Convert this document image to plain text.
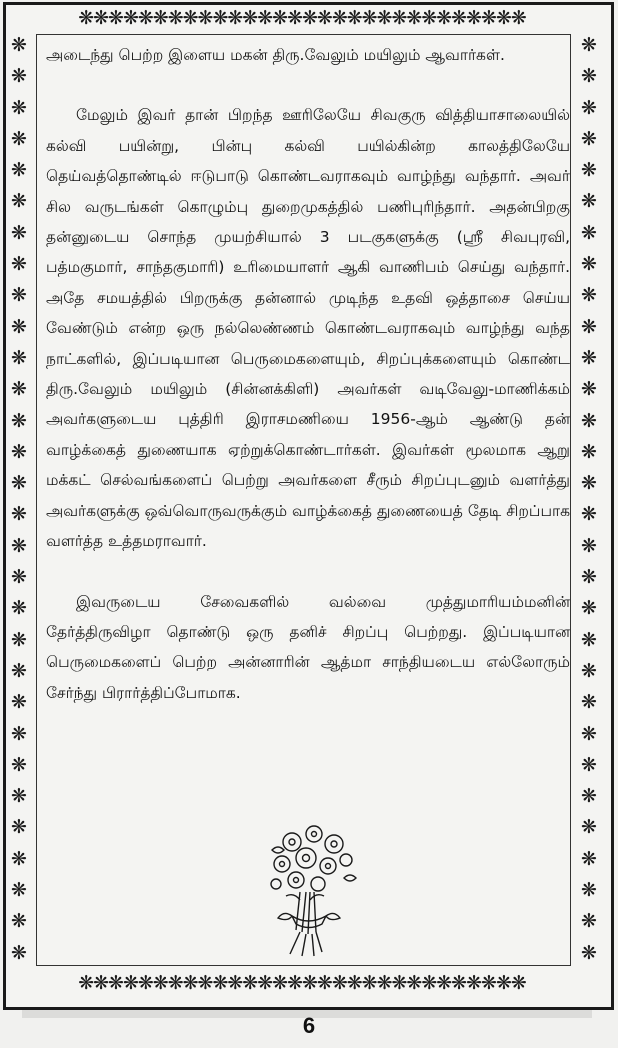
❋❋❋❋❋❋❋❋❋❋❋❋❋❋❋❋❋❋❋❋❋❋❋❋❋❋❋❋❋❋
❋❋❋❋❋❋❋❋❋❋❋❋❋❋❋❋❋❋❋❋❋❋❋❋❋❋❋❋❋❋
❋❋❋❋❋❋❋❋❋❋❋❋❋❋❋❋❋❋❋❋❋❋❋❋❋❋❋❋❋❋
❋❋❋❋❋❋❋❋❋❋❋❋❋❋❋❋❋❋❋❋❋❋❋❋❋❋❋❋❋❋

அடைந்து பெற்ற இளைய மகன் திரு.வேலும் மயிலும் ஆவார்கள்.

மேலும் இவர் தான் பிறந்த ஊரிலேயே சிவகுரு வித்தியாசாலையில் கல்வி பயின்று, பின்பு கல்வி பயில்கின்ற காலத்திலேயே தெய்வத்தொண்டில் ஈடுபாடு கொண்டவராகவும் வாழ்ந்து வந்தார். அவர் சில வருடங்கள் கொழும்பு துறைமுகத்தில் பணிபுரிந்தார். அதன்பிறகு தன்னுடைய சொந்த முயற்சியால் 3 படகுகளுக்கு (ஸ்ரீ சிவபுரவி, பத்மகுமார், சாந்தகுமாரி) உரிமையாளர் ஆகி வாணிபம் செய்து வந்தார். அதே சமயத்தில் பிறருக்கு தன்னால் முடிந்த உதவி ஒத்தாசை செய்ய வேண்டும் என்ற ஒரு நல்லெண்ணம் கொண்டவராகவும் வாழ்ந்து வந்த நாட்களில், இப்படியான பெருமைகளையும், சிறப்புக்களையும் கொண்ட திரு.வேலும் மயிலும் (சின்னக்கிளி) அவர்கள் வடிவேலு-மாணிக்கம் அவர்களுடைய புத்திரி இராசமணியை 1956-ஆம் ஆண்டு தன் வாழ்க்கைத் துணையாக ஏற்றுக்கொண்டார்கள். இவர்கள் மூலமாக ஆறு மக்கட் செல்வங்களைப் பெற்று அவர்களை சீரும் சிறப்புடனும் வளர்த்து அவர்களுக்கு ஒவ்வொருவருக்கும் வாழ்க்கைத் துணையைத் தேடி சிறப்பாக வளர்த்த உத்தமராவார்.

இவருடைய சேவைகளில் வல்வை முத்துமாரியம்மனின் தேர்த்திருவிழா தொண்டு ஒரு தனிச் சிறப்பு பெற்றது. இப்படியான பெருமைகளைப் பெற்ற அன்னாரின் ஆத்மா சாந்தியடைய எல்லோரும் சேர்ந்து பிரார்த்திப்போமாக.

6
